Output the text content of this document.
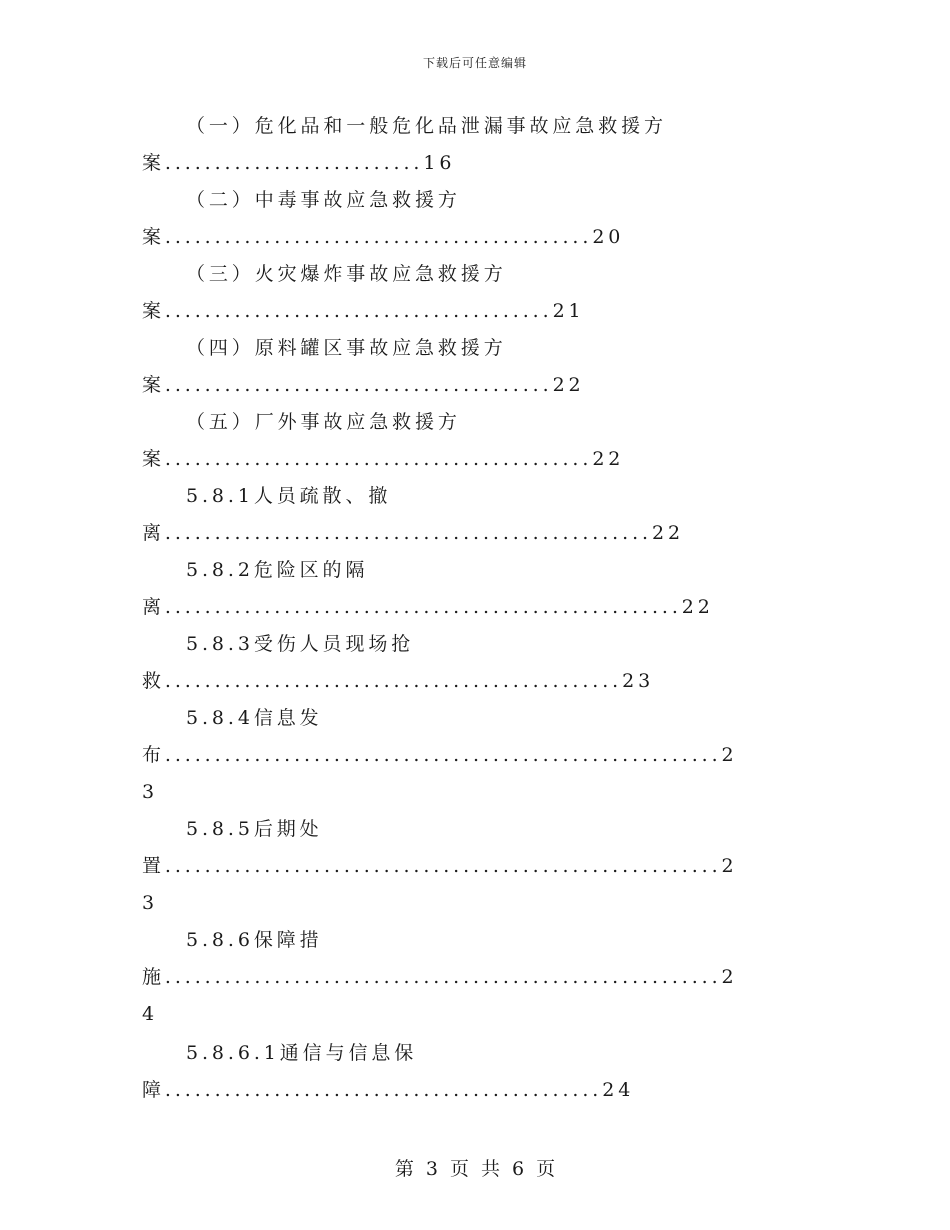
下载后可任意编辑
（一）危化品和一般危化品泄漏事故应急救援方
案..........................16
（二）中毒事故应急救援方
案...........................................20
（三）火灾爆炸事故应急救援方
案.......................................21
（四）原料罐区事故应急救援方
案.......................................22
（五）厂外事故应急救援方
案...........................................22
5.8.1人员疏散、撤
离.................................................22
5.8.2危险区的隔
离....................................................22
5.8.3受伤人员现场抢
救..............................................23
5.8.4信息发
布........................................................2
3
5.8.5后期处
置........................................................2
3
5.8.6保障措
施........................................................2
4
5.8.6.1通信与信息保
障............................................24
第 3 页 共 6 页
